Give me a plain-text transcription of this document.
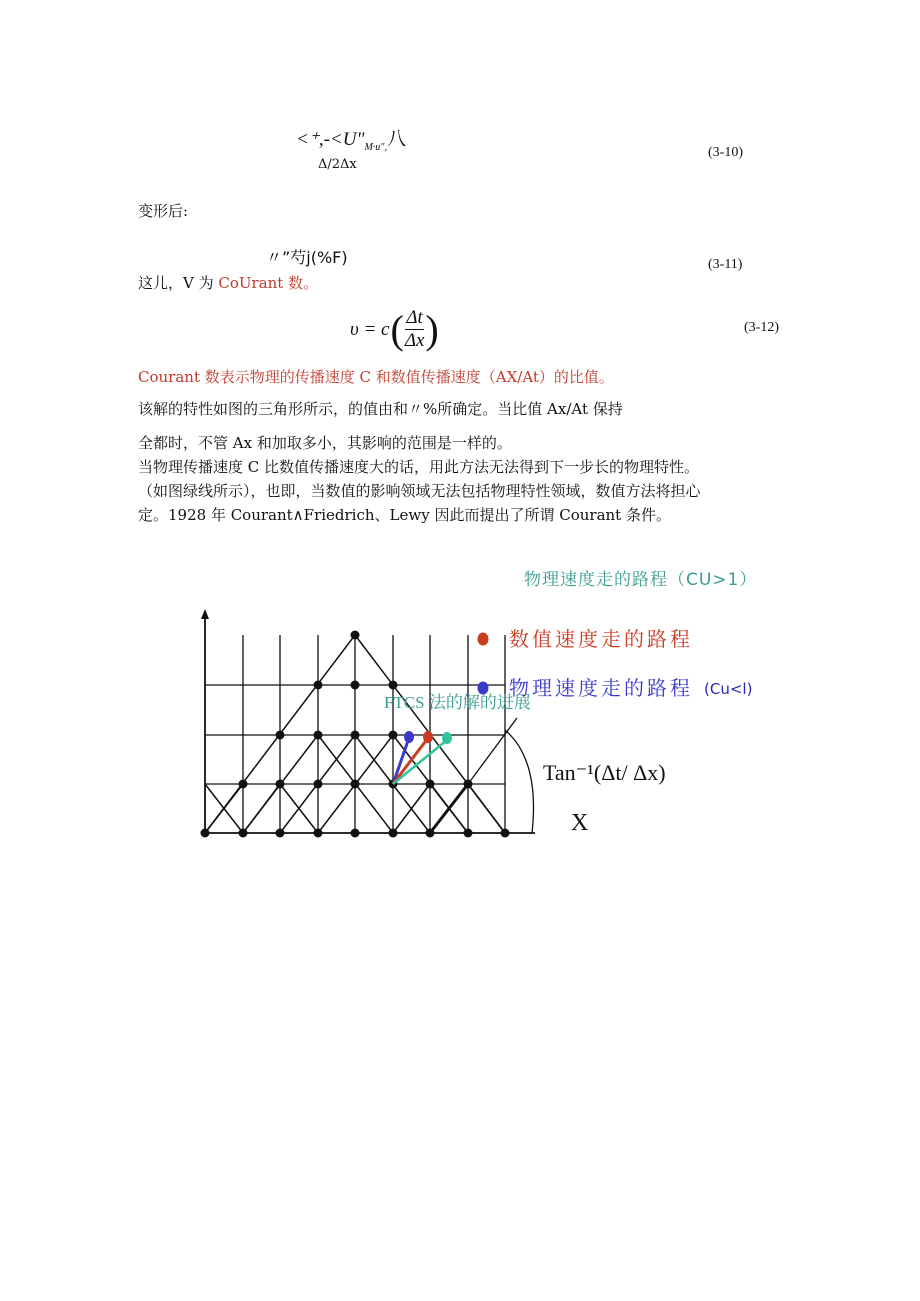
$<^+,-<U"_{M\cdot u",}$八
Δ/2Δx
(3-10)
变形后:
〃”芍j(%F)	(3-11)
这儿，V 为 CoUrant 数。
υ = c ( $\frac{\Delta t}{\Delta x}$ )	(3-12)
Courant 数表示物理的传播速度 C 和数值传播速度（AX/At）的比值。
该解的特性如图的三角形所示，的值由和〃%所确定。当比值 Ax/At 保持
全都时，不管 Ax 和加取多小，其影响的范围是一样的。
当物理传播速度 C 比数值传播速度大的话，用此方法无法得到下一步长的物理特性。
（如图绿线所示），也即，当数值的影响领域无法包括物理特性领域，数值方法将担心
定。1928 年 Courant∧Friedrich、Lewy 因此而提出了所谓 Courant 条件。
物理速度走的路程（CU>1）
数值速度走的路程
物理速度走的路程 (Cu<l)
FTCS 法的解的进展
Tan⁻¹(Δt/ Δx)
X
